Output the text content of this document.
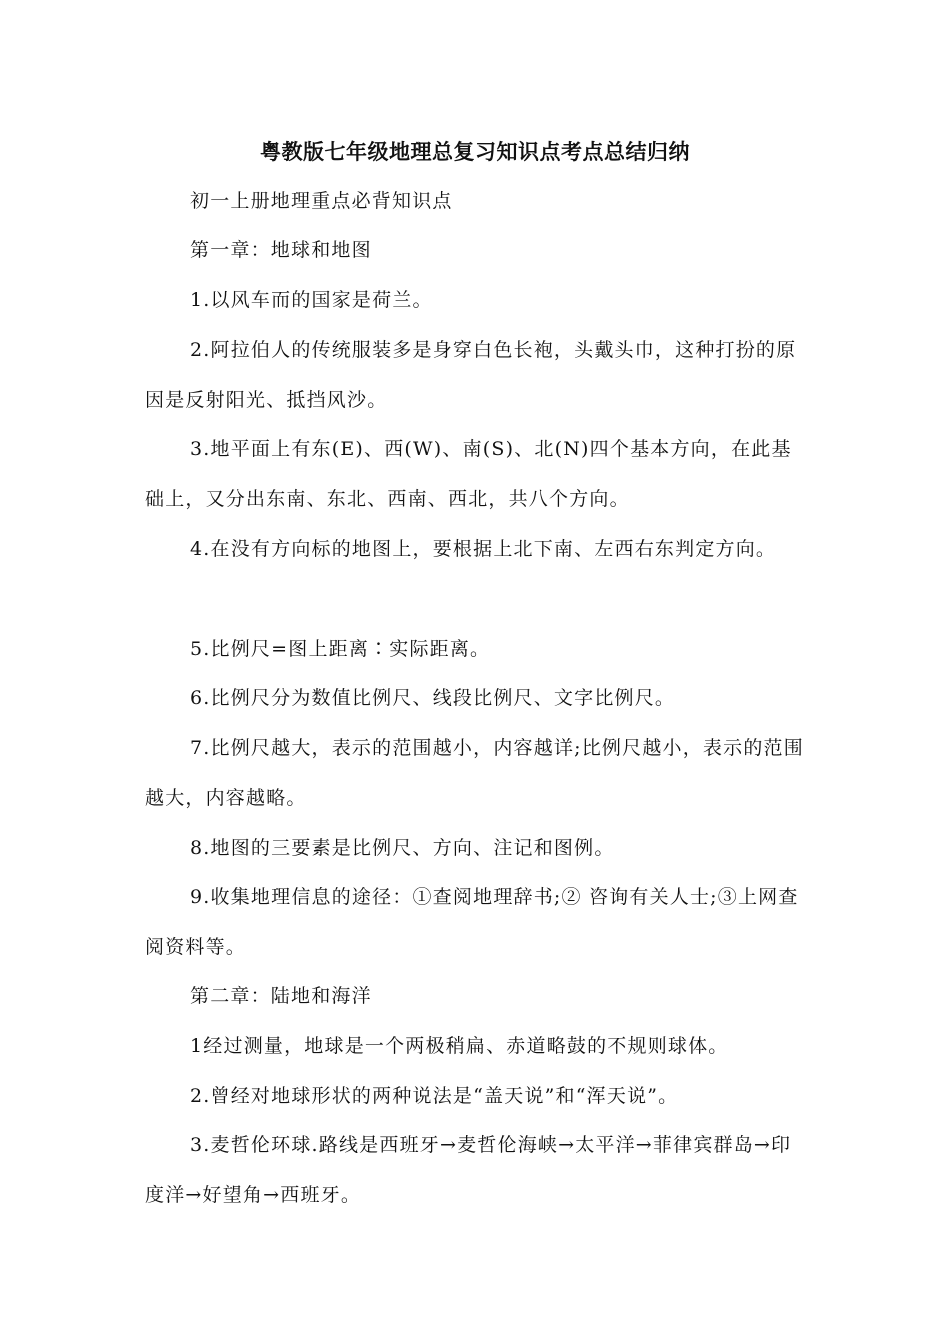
粤教版七年级地理总复习知识点考点总结归纳
初一上册地理重点必背知识点
第一章：地球和地图
1.以风车而的国家是荷兰。
2.阿拉伯人的传统服装多是身穿白色长袍，头戴头巾，这种打扮的原因是反射阳光、抵挡风沙。
3.地平面上有东(E)、西(W)、南(S)、北(N)四个基本方向，在此基础上，又分出东南、东北、西南、西北，共八个方向。
4.在没有方向标的地图上，要根据上北下南、左西右东判定方向。
5.比例尺=图上距离∶实际距离。
6.比例尺分为数值比例尺、线段比例尺、文字比例尺。
7.比例尺越大，表示的范围越小，内容越详;比例尺越小，表示的范围越大，内容越略。
8.地图的三要素是比例尺、方向、注记和图例。
9.收集地理信息的途径：①查阅地理辞书;② 咨询有关人士;③上网查阅资料等。
第二章：陆地和海洋
1经过测量，地球是一个两极稍扁、赤道略鼓的不规则球体。
2.曾经对地球形状的两种说法是“盖天说”和“浑天说”。
3.麦哲伦环球.路线是西班牙→麦哲伦海峡→太平洋→菲律宾群岛→印度洋→好望角→西班牙。
